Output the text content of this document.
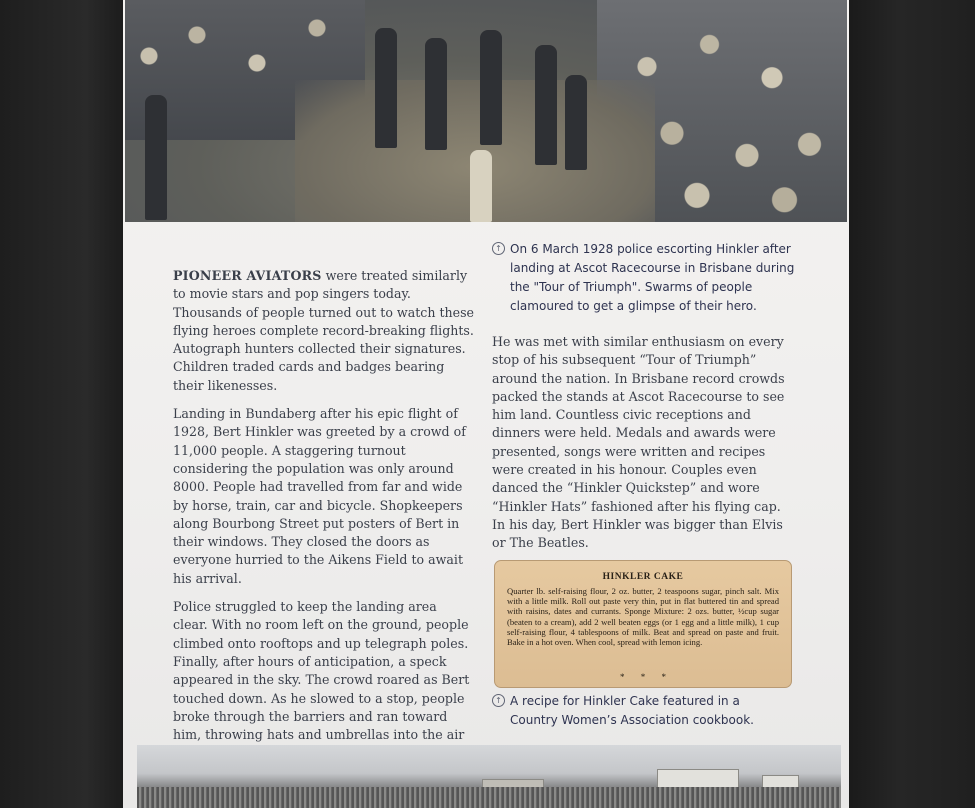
PIONEER AVIATORS were treated similarly to movie stars and pop singers today. Thousands of people turned out to watch these flying heroes complete record-breaking flights. Autograph hunters collected their signatures. Children traded cards and badges bearing their likenesses.

Landing in Bundaberg after his epic flight of 1928, Bert Hinkler was greeted by a crowd of 11,000 people. A staggering turnout considering the population was only around 8000. People had travelled from far and wide by horse, train, car and bicycle. Shopkeepers along Bourbong Street put posters of Bert in their windows. They closed the doors as everyone hurried to the Aikens Field to await his arrival.

Police struggled to keep the landing area clear. With no room left on the ground, people climbed onto rooftops and up telegraph poles. Finally, after hours of anticipation, a speck appeared in the sky. The crowd roared as Bert touched down. As he slowed to a stop, people broke through the barriers and ran toward him, throwing hats and umbrellas into the air

↑ On 6 March 1928 police escorting Hinkler after landing at Ascot Racecourse in Brisbane during the "Tour of Triumph". Swarms of people clamoured to get a glimpse of their hero.

He was met with similar enthusiasm on every stop of his subsequent “Tour of Triumph” around the nation. In Brisbane record crowds packed the stands at Ascot Racecourse to see him land. Countless civic receptions and dinners were held. Medals and awards were presented, songs were written and recipes were created in his honour. Couples even danced the “Hinkler Quickstep” and wore “Hinkler Hats” fashioned after his flying cap. In his day, Bert Hinkler was bigger than Elvis or The Beatles.

HINKLER CAKE
Quarter lb. self-raising flour, 2 oz. butter, 2 teaspoons sugar, pinch salt. Mix with a little milk. Roll out paste very thin, put in flat buttered tin and spread with raisins, dates and currants. Sponge Mixture: 2 ozs. butter, ½cup sugar (beaten to a cream), add 2 well beaten eggs (or 1 egg and a little milk), 1 cup self-raising flour, 4 tablespoons of milk. Beat and spread on paste and fruit. Bake in a hot oven. When cool, spread with lemon icing.
* * *
↑ A recipe for Hinkler Cake featured in a Country Women’s Association cookbook.
